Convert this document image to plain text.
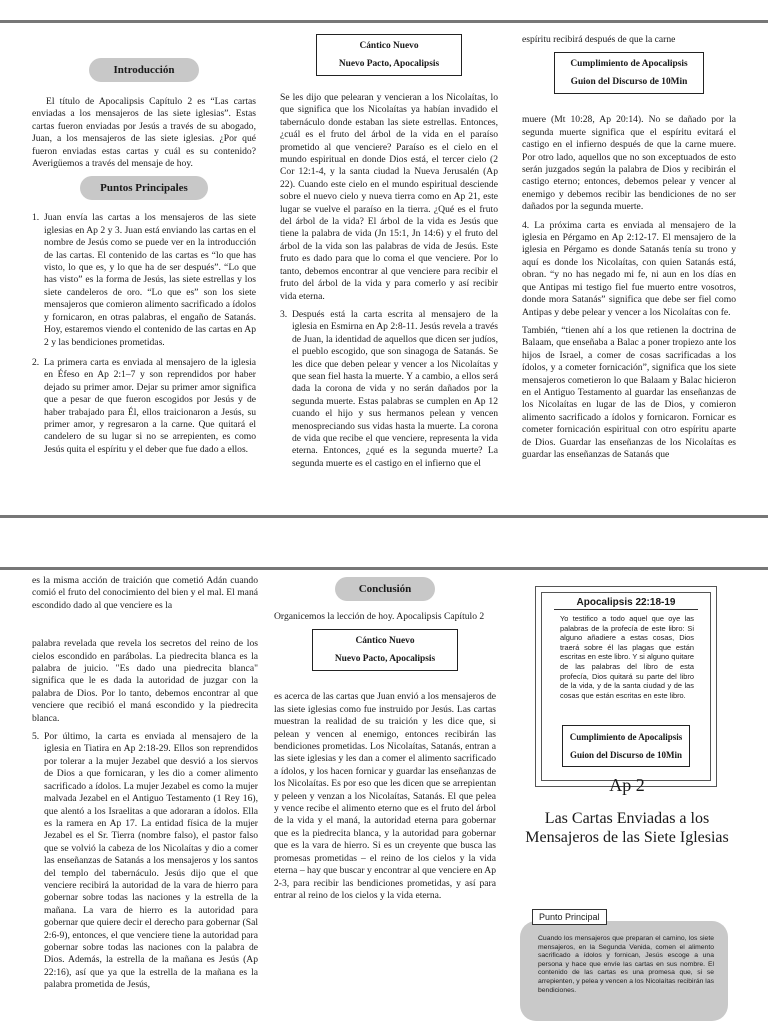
Introducción

El título de Apocalipsis Capítulo 2 es “Las cartas enviadas a los mensajeros de las siete iglesias”. Estas cartas fueron enviadas por Jesús a través de su abogado, Juan, a los mensajeros de las siete iglesias. ¿Por qué fueron enviadas estas cartas y cuál es su contenido? Averigüemos a través del mensaje de hoy.

Puntos Principales
1. Juan envía las cartas a los mensajeros de las siete iglesias en Ap 2 y 3. Juan está enviando las cartas en el nombre de Jesús como se puede ver en la introducción de las cartas. El contenido de las cartas es “lo que has visto, lo que es, y lo que ha de ser después”. “Lo que has visto” es la forma de Jesús, las siete estrellas y los siete candeleros de oro. “Lo que es” son los siete mensajeros que comieron alimento sacrificado a ídolos y fornicaron, en otras palabras, el engaño de Satanás. Hoy, estaremos viendo el contenido de las cartas en Ap 2 y las bendiciones prometidas.
2. La primera carta es enviada al mensajero de la iglesia en Éfeso en Ap 2:1–7 y son reprendidos por haber dejado su primer amor. Dejar su primer amor significa que a pesar de que fueron escogidos por Jesús y de haber trabajado para Él, ellos traicionaron a Jesús, su primer amor, y regresaron a la carne. Que quitará el candelero de su lugar si no se arrepienten, es como Jesús quita el espíritu y el deber que fue dado a ellos.
Cántico Nuevo
Nuevo Pacto, Apocalipsis

Se les dijo que pelearan y vencieran a los Nicolaítas, lo que significa que los Nicolaítas ya habían invadido el tabernáculo donde estaban las siete estrellas. Entonces, ¿cuál es el fruto del árbol de la vida en el paraíso prometido al que venciere? Paraíso es el cielo en el mundo espiritual en donde Dios está, el tercer cielo (2 Cor 12:1-4, y la santa ciudad la Nueva Jerusalén (Ap 22). Cuando este cielo en el mundo espiritual desciende sobre el nuevo cielo y nueva tierra como en Ap 21, este lugar se vuelve el paraíso en la tierra. ¿Qué es el fruto del árbol de la vida? El árbol de la vida es Jesús que tiene la palabra de vida (Jn 15:1, Jn 14:6) y el fruto del árbol de la vida son las palabras de vida de Jesús. Este fruto es dado para que lo coma el que venciere. Por lo tanto, debemos encontrar al que venciere para recibir el fruto del árbol de la vida y para comerlo y así recibir vida eterna.

3. Después está la carta escrita al mensajero de la iglesia en Esmirna en Ap 2:8-11. Jesús revela a través de Juan, la identidad de aquellos que dicen ser judíos, el pueblo escogido, que son sinagoga de Satanás. Se les dice que deben pelear y vencer a los Nicolaítas y que sean fiel hasta la muerte. Y a cambio, a ellos será dada la corona de vida y no serán dañados por la segunda muerte. Estas palabras se cumplen en Ap 12 cuando el hijo y sus hermanos pelean y vencen menospreciando sus vidas hasta la muerte. La corona de vida que recibe el que venciere, representa la vida eterna. Entonces, ¿qué es la segunda muerte? La segunda muerte es el castigo en el infierno que el

espíritu recibirá después de que la carne

Cumplimiento de Apocalipsis
Guion del Discurso de 10Min

muere (Mt 10:28, Ap 20:14). No se dañado por la segunda muerte significa que el espíritu evitará el castigo en el infierno después de que la carne muere. Por otro lado, aquellos que no son exceptuados de esto serán juzgados según la palabra de Dios y recibirán el castigo eterno; entonces, debemos pelear y vencer al enemigo y debemos recibir las bendiciones de no ser dañados por la segunda muerte.

4. La próxima carta es enviada al mensajero de la iglesia en Pérgamo en Ap 2:12-17. El mensajero de la iglesia en Pérgamo es donde Satanás tenía su trono y aquí es donde los Nicolaítas, con quien Satanás está, obran. “y no has negado mi fe, ni aun en los días en que Antipas mi testigo fiel fue muerto entre vosotros, donde mora Satanás” significa que debe ser fiel como Antipas y debe pelear y vencer a los Nicolaítas con fe.

También, “tienen ahí a los que retienen la doctrina de Balaam, que enseñaba a Balac a poner tropiezo ante los hijos de Israel, a comer de cosas sacrificadas a los ídolos, y a cometer fornicación”, significa que los siete mensajeros cometieron lo que Balaam y Balac hicieron en el Antiguo Testamento al guardar las enseñanzas de los Nicolaítas en lugar de las de Dios, y comieron alimento sacrificado a ídolos y fornicaron. Fornicar es cometer fornicación espiritual con otro espíritu aparte de Dios. Guardar las enseñanzas de los Nicolaítas es guardar las enseñanzas de Satanás que

es la misma acción de traición que cometió Adán cuando comió el fruto del conocimiento del bien y el mal. El maná escondido dado al que venciere es la

palabra revelada que revela los secretos del reino de los cielos escondido en parábolas. La piedrecita blanca es la palabra de juicio. "Es dado una piedrecita blanca" significa que le es dada la autoridad de juzgar con la palabra de Dios. Por lo tanto, debemos encontrar al que venciere que recibió el maná escondido y la piedrecita blanca.

5. Por último, la carta es enviada al mensajero de la iglesia en Tiatira en Ap 2:18-29. Ellos son reprendidos por tolerar a la mujer Jezabel que desvió a los siervos de Dios a que fornicaran, y les dio a comer alimento sacrificado a ídolos. La mujer Jezabel es como la mujer malvada Jezabel en el Antiguo Testamento (1 Rey 16), que alentó a los Israelitas a que adoraran a ídolos. Ella es la ramera en Ap 17. La entidad física de la mujer Jezabel es el Sr. Tierra (nombre falso), el pastor falso que se volvió la cabeza de los Nicolaítas y dio a comer las enseñanzas de Satanás a los mensajeros y los santos del templo del tabernáculo. Jesús dijo que el que venciere recibirá la autoridad de la vara de hierro para gobernar sobre todas las naciones y la estrella de la mañana. La vara de hierro es la autoridad para gobernar que quiere decir el derecho para gobernar (Sal 2:6-9), entonces, el que venciere tiene la autoridad para gobernar sobre todas las naciones con la palabra de Dios. Además, la estrella de la mañana es Jesús (Ap 22:16), así que ya que la estrella de la mañana es la palabra prometida de Jesús,
Conclusión

Organicemos la lección de hoy. Apocalipsis Capítulo 2

Cántico Nuevo
Nuevo Pacto, Apocalipsis

es acerca de las cartas que Juan envió a los mensajeros de las siete iglesias como fue instruido por Jesús. Las cartas muestran la realidad de su traición y les dice que, si pelean y vencen al enemigo, entonces recibirán las bendiciones prometidas. Los Nicolaítas, Satanás, entran a las siete iglesias y les dan a comer el alimento sacrificado a ídolos, y los hacen fornicar y guardar las enseñanzas de los Nicolaítas. Es por eso que les dicen que se arrepientan y peleen y venzan a los Nicolaítas, Satanás. El que pelea y vence recibe el alimento eterno que es el fruto del árbol de la vida y el maná, la autoridad eterna para gobernar que es la piedrecita blanca, y la autoridad para gobernar que es la vara de hierro. Si es un creyente que busca las promesas prometidas – el reino de los cielos y la vida eterna – hay que buscar y encontrar al que venciere en Ap 2-3, para recibir las bendiciones prometidas, y así para entrar al reino de los cielos y la vida eterna.

Apocalipsis 22:18-19
Yo testifico a todo aquel que oye las palabras de la profecía de este libro: Si alguno añadiere a estas cosas, Dios traerá sobre él las plagas que están escritas en este libro. Y si alguno quitare de las palabras del libro de esta profecía, Dios quitará su parte del libro de la vida, y de la santa ciudad y de las cosas que están escritas en este libro.
Cumplimiento de Apocalipsis
Guion del Discurso de 10Min
Ap 2
Las Cartas Enviadas a los Mensajeros de las Siete Iglesias
Punto Principal
Cuando los mensajeros que preparan el camino, los siete mensajeros, en la Segunda Venida, comen el alimento sacrificado a ídolos y fornican, Jesús escoge a una persona y hace que envíe las cartas en sus nombre. El contenido de las cartas es una promesa que, si se arrepienten, y pelea y vencen a los Nicolaítas recibirán las bendiciones.
